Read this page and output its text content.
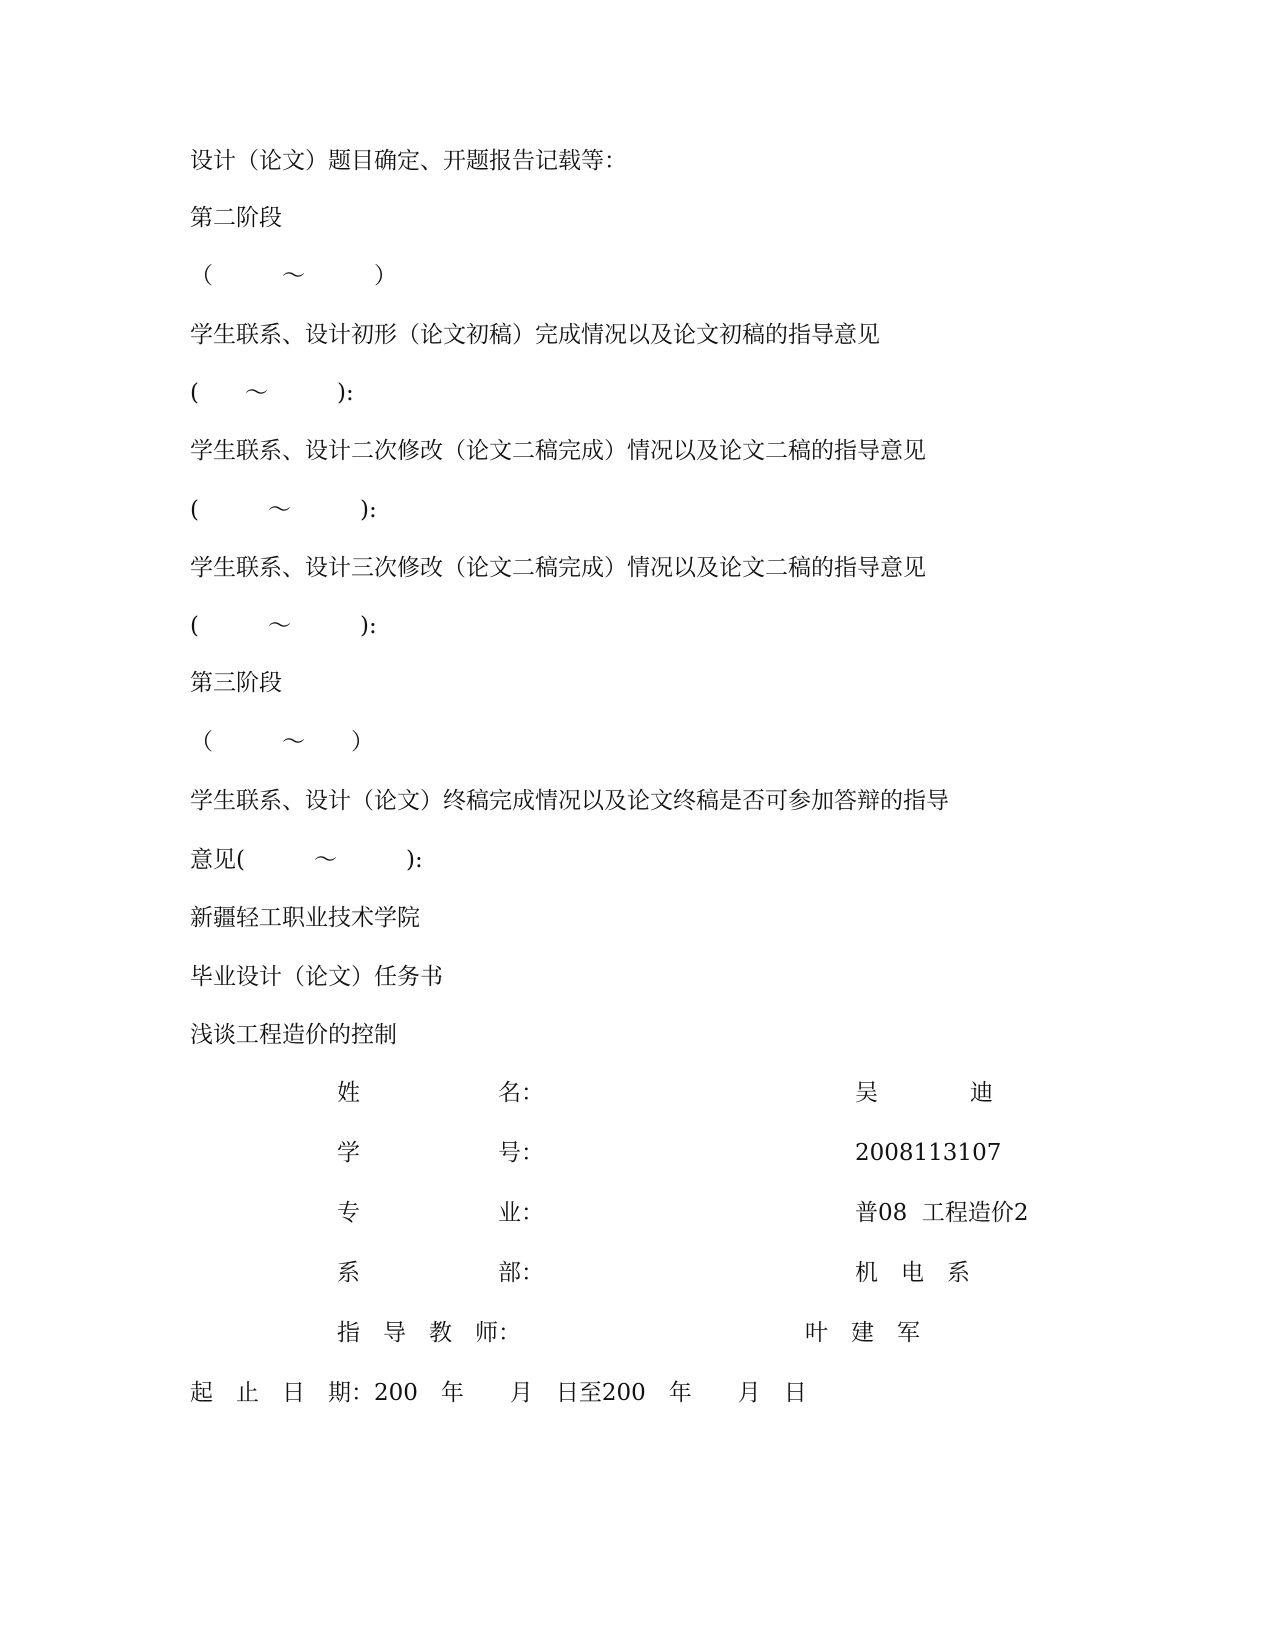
设计（论文）题目确定、开题报告记载等：
第二阶段
（　　　～　　　）
学生联系、设计初形（论文初稿）完成情况以及论文初稿的指导意见
(　　～　　　):
学生联系、设计二次修改（论文二稿完成）情况以及论文二稿的指导意见
(　　　～　　　):
学生联系、设计三次修改（论文二稿完成）情况以及论文二稿的指导意见
(　　　～　　　):
第三阶段
（　　　～　　）
学生联系、设计（论文）终稿完成情况以及论文终稿是否可参加答辩的指导
意见(　　　～　　　):
新疆轻工职业技术学院
毕业设计（论文）任务书
浅谈工程造价的控制
姓　　　　　　名：	吴　　　　迪
学　　　　　　号：	2008113107
专　　　　　　业：	普08  工程造价2
系　　　　　　部：	机　电　系
指　导　教　师：	叶　建　军
起　止　日　期：200　年　　月　日至200　年　　月　日
